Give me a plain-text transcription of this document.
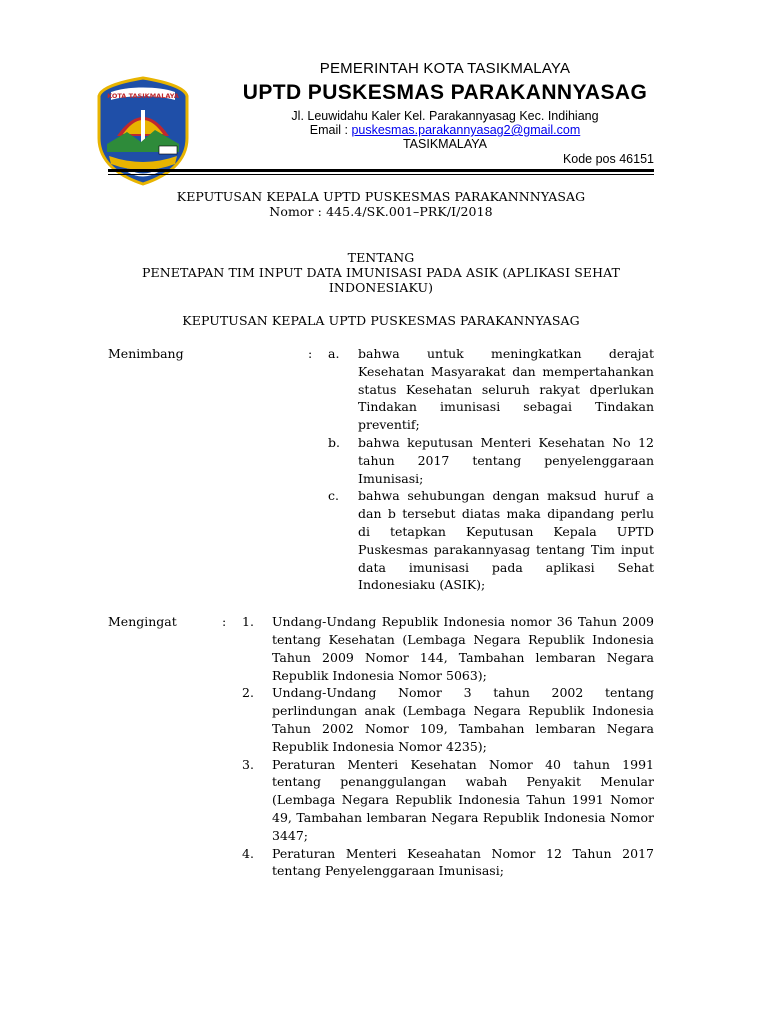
KOTA TASIKMALAYA
PEMERINTAH KOTA TASIKMALAYA
UPTD PUSKESMAS PARAKANNYASAG
Jl. Leuwidahu Kaler Kel. Parakannyasag Kec. Indihiang
Email : puskesmas.parakannyasag2@gmail.com
TASIKMALAYA
Kode pos 46151
KEPUTUSAN KEPALA UPTD PUSKESMAS PARAKANNNYASAG
Nomor : 445.4/SK.001–PRK/I/2018
TENTANG
PENETAPAN TIM INPUT DATA IMUNISASI PADA ASIK (APLIKASI SEHAT
INDONESIAKU)
KEPUTUSAN KEPALA UPTD PUSKESMAS PARAKANNYASAG
Menimbang	:	a.	bahwa untuk meningkatkan derajat Kesehatan Masyarakat dan mempertahankan status Kesehatan seluruh rakyat dperlukan Tindakan imunisasi sebagai Tindakan preventif;
b.	bahwa keputusan Menteri Kesehatan No 12 tahun 2017 tentang penyelenggaraan Imunisasi;
c.	bahwa sehubungan dengan maksud huruf a dan b tersebut diatas maka dipandang perlu di tetapkan Keputusan Kepala UPTD Puskesmas parakannyasag tentang Tim input data imunisasi pada aplikasi Sehat Indonesiaku (ASIK);
Mengingat	:	1.	Undang-Undang Republik Indonesia nomor 36 Tahun 2009 tentang Kesehatan (Lembaga Negara Republik Indonesia Tahun 2009 Nomor 144, Tambahan lembaran Negara Republik Indonesia Nomor 5063);
2.	Undang-Undang Nomor 3 tahun 2002 tentang perlindungan anak (Lembaga Negara Republik Indonesia Tahun 2002 Nomor 109, Tambahan lembaran Negara Republik Indonesia Nomor 4235);
3.	Peraturan Menteri Kesehatan Nomor 40 tahun 1991 tentang penanggulangan wabah Penyakit Menular (Lembaga Negara Republik Indonesia Tahun 1991 Nomor 49, Tambahan lembaran Negara Republik Indonesia Nomor 3447;
4.	Peraturan Menteri Keseahatan Nomor 12 Tahun 2017 tentang Penyelenggaraan Imunisasi;
